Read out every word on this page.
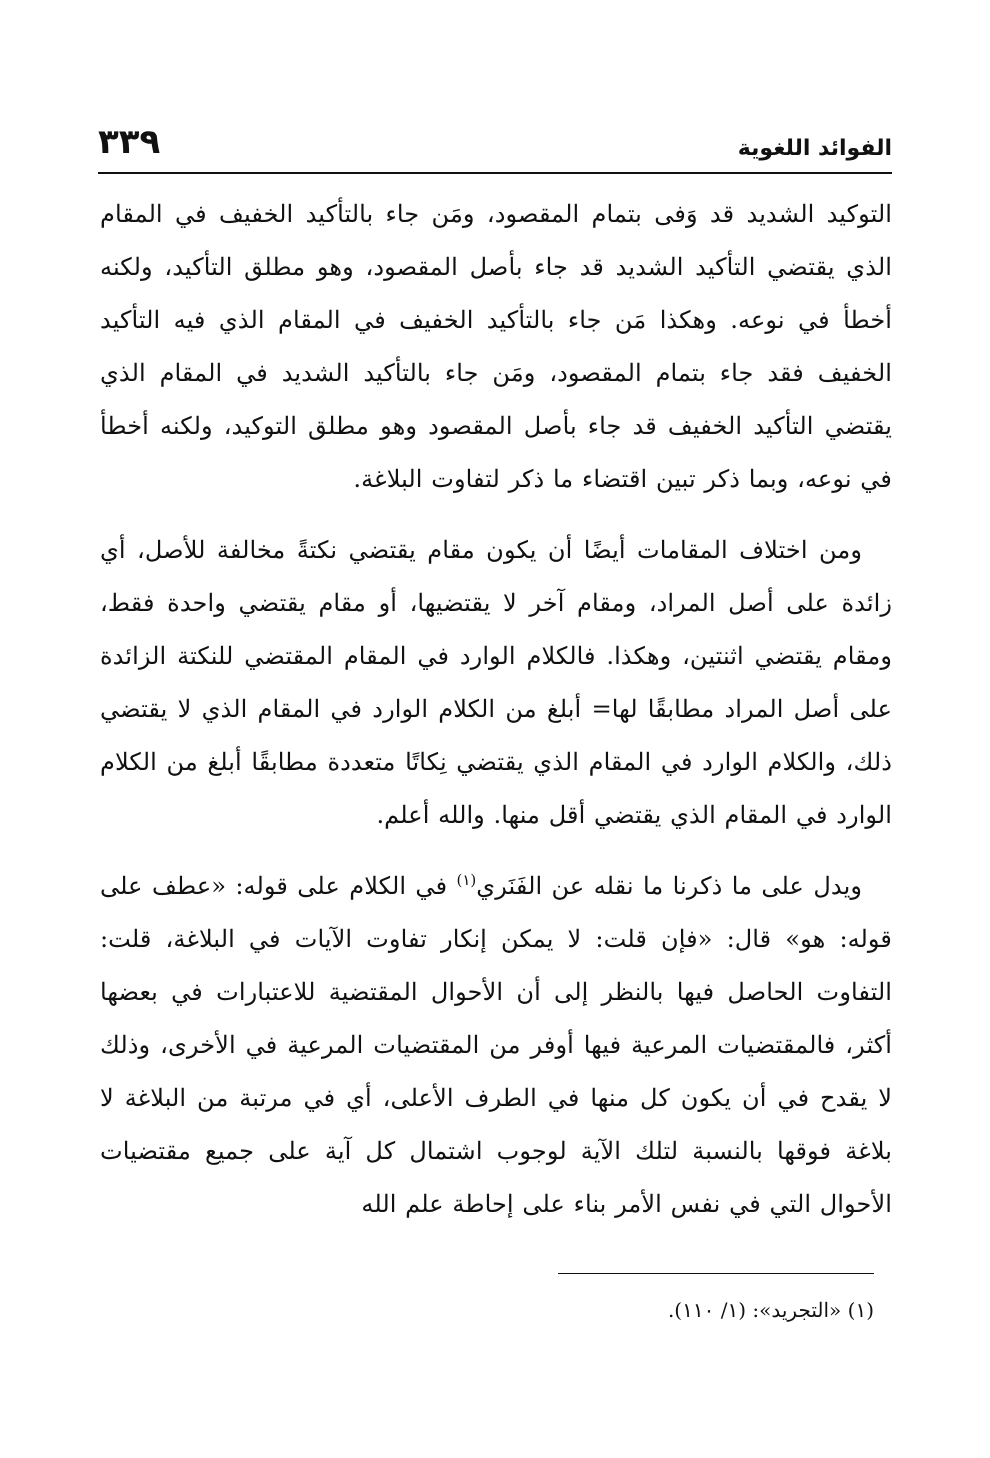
الفوائد اللغوية
٣٣٩

التوكيد الشديد قد وَفى بتمام المقصود، ومَن جاء بالتأكيد الخفيف في المقام الذي يقتضي التأكيد الشديد قد جاء بأصل المقصود، وهو مطلق التأكيد، ولكنه أخطأ في نوعه. وهكذا مَن جاء بالتأكيد الخفيف في المقام الذي فيه التأكيد الخفيف فقد جاء بتمام المقصود، ومَن جاء بالتأكيد الشديد في المقام الذي يقتضي التأكيد الخفيف قد جاء بأصل المقصود وهو مطلق التوكيد، ولكنه أخطأ في نوعه، وبما ذكر تبين اقتضاء ما ذكر لتفاوت البلاغة.

ومن اختلاف المقامات أيضًا أن يكون مقام يقتضي نكتةً مخالفة للأصل، أي زائدة على أصل المراد، ومقام آخر لا يقتضيها، أو مقام يقتضي واحدة فقط، ومقام يقتضي اثنتين، وهكذا. فالكلام الوارد في المقام المقتضي للنكتة الزائدة على أصل المراد مطابقًا لها= أبلغ من الكلام الوارد في المقام الذي لا يقتضي ذلك، والكلام الوارد في المقام الذي يقتضي نِكاتًا متعددة مطابقًا أبلغ من الكلام الوارد في المقام الذي يقتضي أقل منها. والله أعلم.

ويدل على ما ذكرنا ما نقله عن الفَنَري$^{(١)}$ في الكلام على قوله: «عطف على قوله: هو» قال: «فإن قلت: لا يمكن إنكار تفاوت الآيات في البلاغة، قلت: التفاوت الحاصل فيها بالنظر إلى أن الأحوال المقتضية للاعتبارات في بعضها أكثر، فالمقتضيات المرعية فيها أوفر من المقتضيات المرعية في الأخرى، وذلك لا يقدح في أن يكون كل منها في الطرف الأعلى، أي في مرتبة من البلاغة لا بلاغة فوقها بالنسبة لتلك الآية لوجوب اشتمال كل آية على جميع مقتضيات الأحوال التي في نفس الأمر بناء على إحاطة علم الله

(١) «التجريد»: (١/ ١١٠).
